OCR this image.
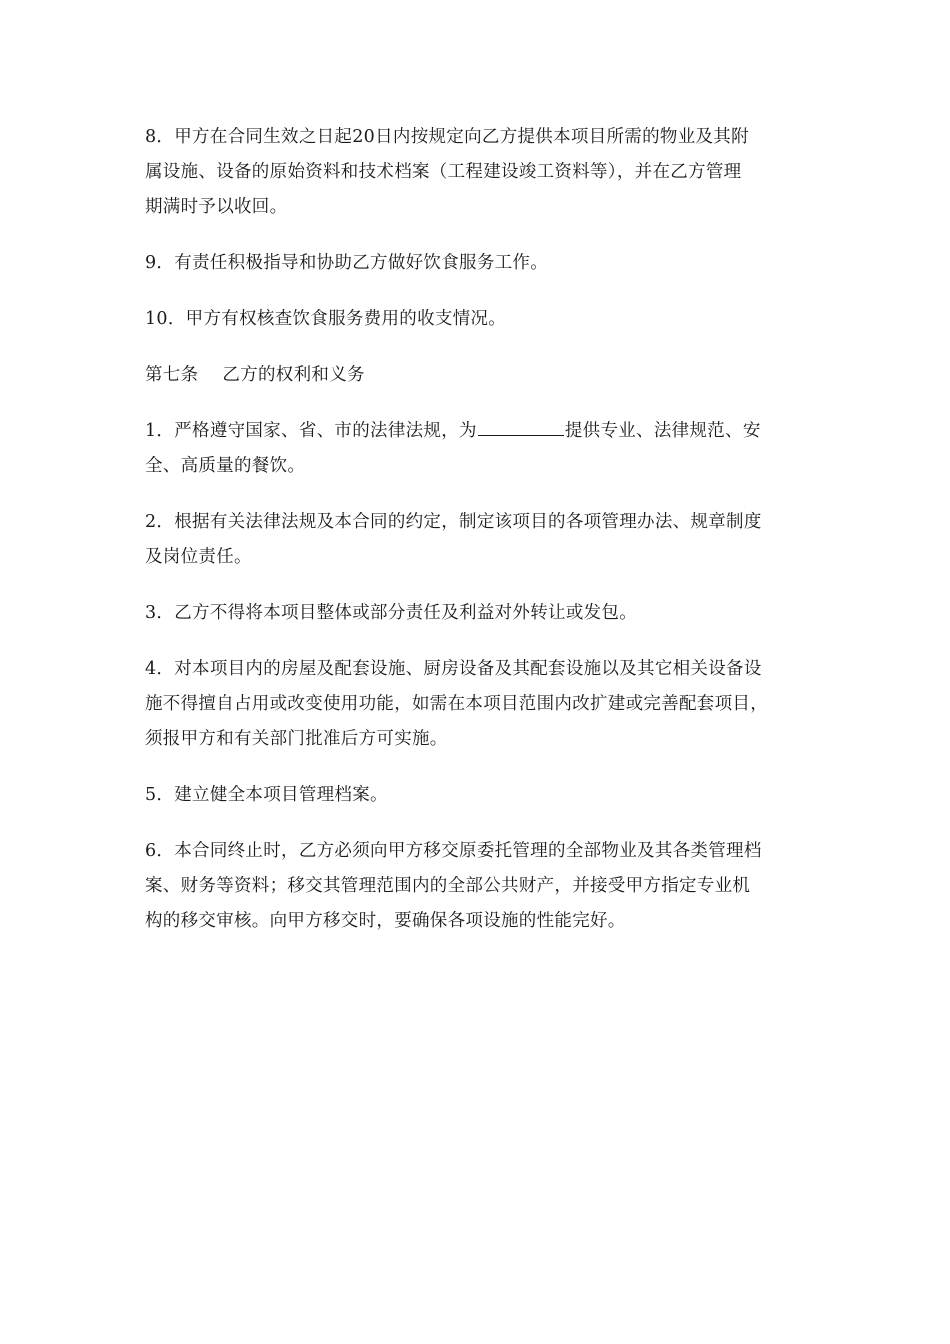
8．甲方在合同生效之日起20日内按规定向乙方提供本项目所需的物业及其附
属设施、设备的原始资料和技术档案（工程建设竣工资料等），并在乙方管理
期满时予以收回。

9．有责任积极指导和协助乙方做好饮食服务工作。

10．甲方有权核查饮食服务费用的收支情况。

第七条 乙方的权利和义务

1．严格遵守国家、省、市的法律法规，为	提供专业、法律规范、安
全、高质量的餐饮。

2．根据有关法律法规及本合同的约定，制定该项目的各项管理办法、规章制度
及岗位责任。

3．乙方不得将本项目整体或部分责任及利益对外转让或发包。

4．对本项目内的房屋及配套设施、厨房设备及其配套设施以及其它相关设备设
施不得擅自占用或改变使用功能，如需在本项目范围内改扩建或完善配套项目，
须报甲方和有关部门批准后方可实施。

5．建立健全本项目管理档案。

6．本合同终止时，乙方必须向甲方移交原委托管理的全部物业及其各类管理档
案、财务等资料；移交其管理范围内的全部公共财产，并接受甲方指定专业机
构的移交审核。向甲方移交时，要确保各项设施的性能完好。
